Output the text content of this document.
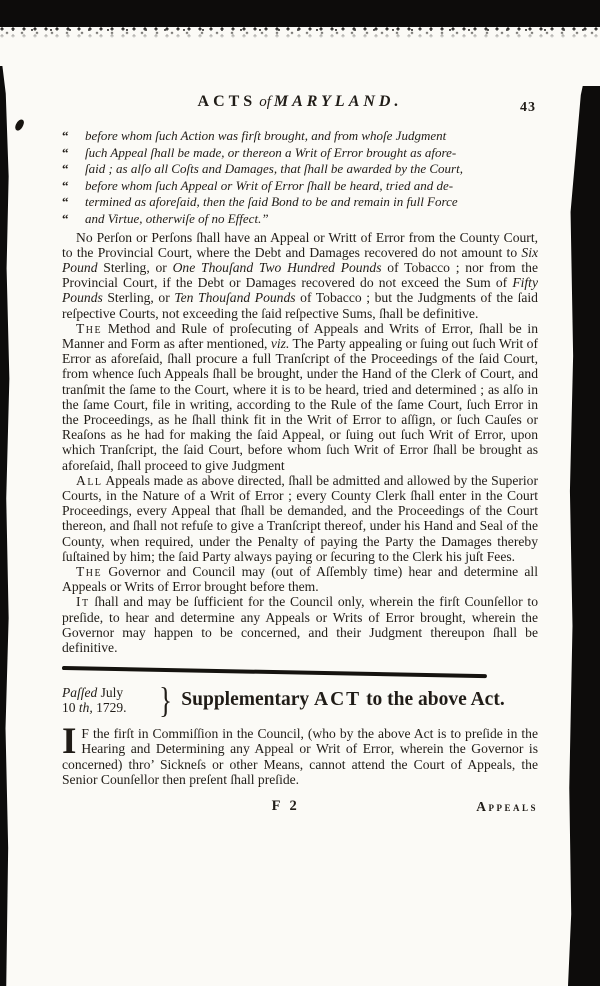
ACTS of MARYLAND.	43
“	before whom ſuch Action was firſt brought, and from whoſe Judgment
“	ſuch Appeal ſhall be made, or thereon a Writ of Error brought as afore-
“	ſaid ; as alſo all Coſts and Damages, that ſhall be awarded by the Court,
“	before whom ſuch Appeal or Writ of Error ſhall be heard, tried and de-
“	termined as aforeſaid, then the ſaid Bond to be and remain in full Force
“	and Virtue, otherwiſe of no Effect.”

No Perſon or Perſons ſhall have an Appeal or Writt of Error from the County Court, to the Provincial Court, where the Debt and Damages recovered do not amount to Six Pound Sterling, or One Thouſand Two Hundred Pounds of Tobacco ; nor from the Provincial Court, if the Debt or Damages recovered do not exceed the Sum of Fifty Pounds Sterling, or Ten Thouſand Pounds of Tobacco ; but the Judgments of the ſaid reſpective Courts, not exceeding the ſaid reſpective Sums, ſhall be definitive.

The Method and Rule of proſecuting of Appeals and Writs of Error, ſhall be in Manner and Form as after mentioned, viz. The Party appealing or ſuing out ſuch Writ of Error as aforeſaid, ſhall procure a full Tranſcript of the Proceedings of the ſaid Court, from whence ſuch Appeals ſhall be brought, under the Hand of the Clerk of Court, and tranſmit the ſame to the Court, where it is to be heard, tried and determined ; as alſo in the ſame Court, file in writing, according to the Rule of the ſame Court, ſuch Error in the Proceedings, as he ſhall think fit in the Writ of Error to aſſign, or ſuch Cauſes or Reaſons as he had for making the ſaid Appeal, or ſuing out ſuch Writ of Error, upon which Tranſcript, the ſaid Court, before whom ſuch Writ of Error ſhall be brought as aforeſaid, ſhall proceed to give Judgment

All Appeals made as above directed, ſhall be admitted and allowed by the Superior Courts, in the Nature of a Writ of Error ; every County Clerk ſhall enter in the Court Proceedings, every Appeal that ſhall be demanded, and the Proceedings of the Court thereon, and ſhall not refuſe to give a Tranſcript thereof, under his Hand and Seal of the County, when required, under the Penalty of paying the Party the Damages thereby ſuſtained by him; the ſaid Party always paying or ſecuring to the Clerk his juſt Fees.

The Governor and Council may (out of Aſſembly time) hear and determine all Appeals or Writs of Error brought before them.

It ſhall and may be ſufficient for the Council only, wherein the firſt Counſellor to preſide, to hear and determine any Appeals or Writs of Error brought, wherein the Governor may happen to be concerned, and their Judgment thereupon ſhall be definitive.

Paſſed July
10 th, 1729. } Supplementary ACT to the above Act.
I F the firſt in Commiſſion in the Council, (who by the above Act is to preſide in the Hearing and Determining any Appeal or Writ of Error, wherein the Governor is concerned) thro’ Sickneſs or other Means, cannot attend the Court of Appeals, the Senior Counſellor then preſent ſhall preſide.
F 2	Appeals
